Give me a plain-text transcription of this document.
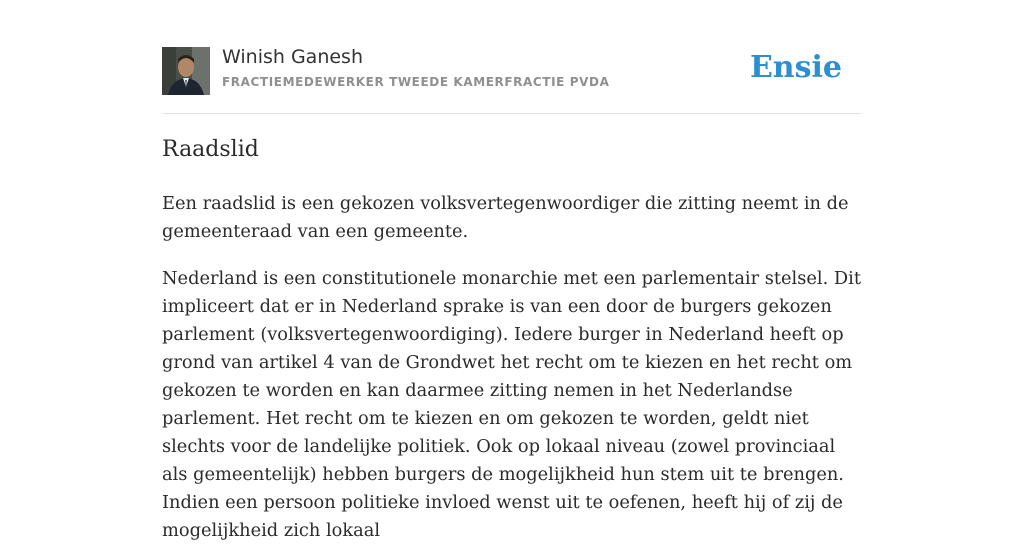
Winish Ganesh
FRACTIEMEDEWERKER TWEEDE KAMERFRACTIE PVDA	Ensie
Raadslid

Een raadslid is een gekozen volksvertegenwoordiger die zitting neemt in de gemeenteraad van een gemeente.

Nederland is een constitutionele monarchie met een parlementair stelsel. Dit impliceert dat er in Nederland sprake is van een door de burgers gekozen parlement (volksvertegenwoordiging). Iedere burger in Nederland heeft op grond van artikel 4 van de Grondwet het recht om te kiezen en het recht om gekozen te worden en kan daarmee zitting nemen in het Nederlandse parlement. Het recht om te kiezen en om gekozen te worden, geldt niet slechts voor de landelijke politiek. Ook op lokaal niveau (zowel provinciaal als gemeentelijk) hebben burgers de mogelijkheid hun stem uit te brengen. Indien een persoon politieke invloed wenst uit te oefenen, heeft hij of zij de mogelijkheid zich lokaal
